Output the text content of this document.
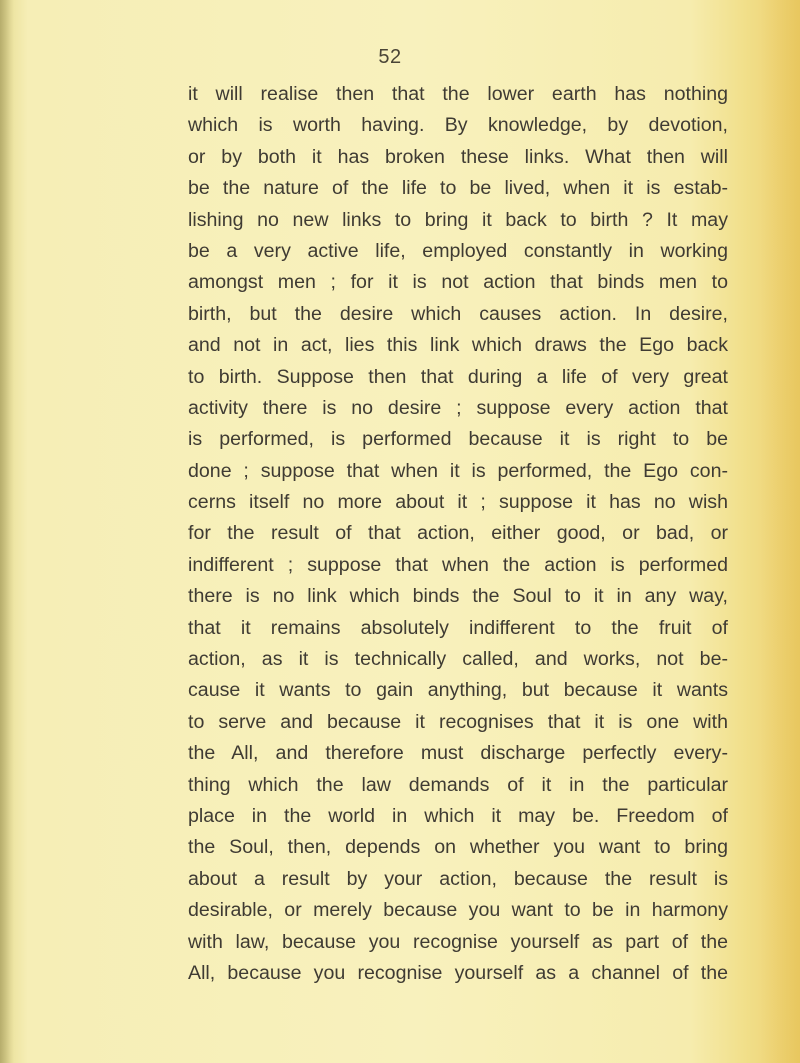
52
it will realise then that the lower earth has nothing
which is worth having. By knowledge, by devotion,
or by both it has broken these links. What then will
be the nature of the life to be lived, when it is estab-
lishing no new links to bring it back to birth ? It may
be a very active life, employed constantly in working
amongst men ; for it is not action that binds men to
birth, but the desire which causes action. In desire,
and not in act, lies this link which draws the Ego back
to birth. Suppose then that during a life of very great
activity there is no desire ; suppose every action that
is performed, is performed because it is right to be
done ; suppose that when it is performed, the Ego con-
cerns itself no more about it ; suppose it has no wish
for the result of that action, either good, or bad, or
indifferent ; suppose that when the action is performed
there is no link which binds the Soul to it in any way,
that it remains absolutely indifferent to the fruit of
action, as it is technically called, and works, not be-
cause it wants to gain anything, but because it wants
to serve and because it recognises that it is one with
the All, and therefore must discharge perfectly every-
thing which the law demands of it in the particular
place in the world in which it may be. Freedom of
the Soul, then, depends on whether you want to bring
about a result by your action, because the result is
desirable, or merely because you want to be in harmony
with law, because you recognise yourself as part of the
All, because you recognise yourself as a channel of the
